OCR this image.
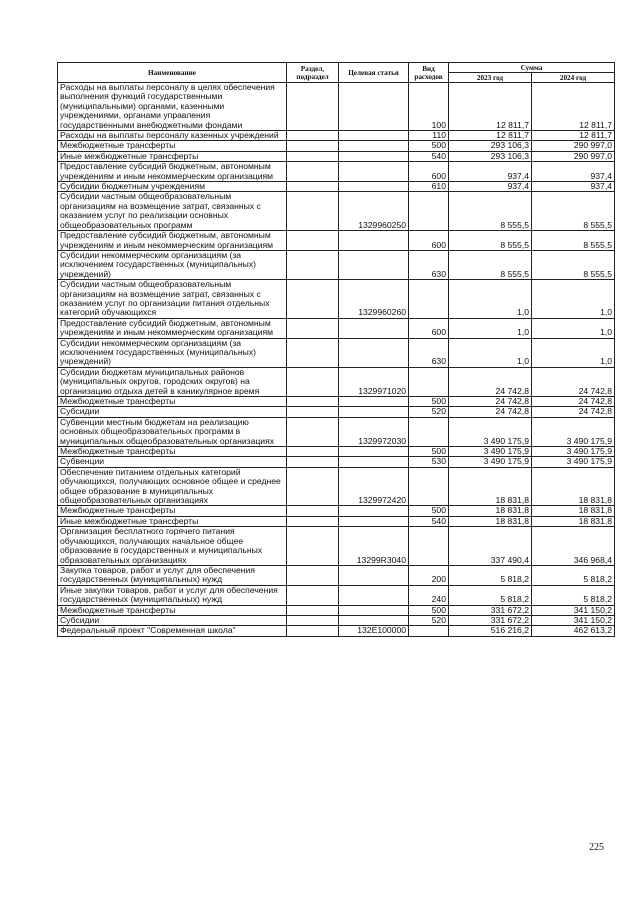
Наименование	Раздел, подраздел	Целевая статья	Вид расходов	Сумма	
				2023 год	2024 год
Расходы на выплаты персоналу в целях обеспечения выполнения функций государственными (муниципальными) органами, казенными учреждениями, органами управления государственными внебюджетными фондами			100	12 811,7	12 811,7
Расходы на выплаты персоналу казенных учреждений			110	12 811,7	12 811,7
Межбюджетные трансферты			500	293 106,3	290 997,0
Иные межбюджетные трансферты			540	293 106,3	290 997,0
Предоставление субсидий бюджетным, автономным учреждениям и иным некоммерческим организациям			600	937,4	937,4
Субсидии бюджетным учреждениям			610	937,4	937,4
Субсидии частным общеобразовательным организациям на возмещение затрат, связанных с оказанием услуг по реализации основных общеобразовательных программ		1329960250		8 555,5	8 555,5
Предоставление субсидий бюджетным, автономным учреждениям и иным некоммерческим организациям			600	8 555,5	8 555,5
Субсидии некоммерческим организациям (за исключением государственных (муниципальных) учреждений)			630	8 555,5	8 555,5
Субсидии частным общеобразовательным организациям на возмещение затрат, связанных с оказанием услуг по организации питания отдельных категорий обучающихся		1329960260		1,0	1,0
Предоставление субсидий бюджетным, автономным учреждениям и иным некоммерческим организациям			600	1,0	1,0
Субсидии некоммерческим организациям (за исключением государственных (муниципальных) учреждений)			630	1,0	1,0
Субсидии бюджетам муниципальных районов (муниципальных округов, городских округов) на организацию отдыха детей в каникулярное время		1329971020		24 742,8	24 742,8
Межбюджетные трансферты			500	24 742,8	24 742,8
Субсидии			520	24 742,8	24 742,8
Субвенции местным бюджетам на реализацию основных общеобразовательных программ в муниципальных общеобразовательных организациях		1329972030		3 490 175,9	3 490 175,9
Межбюджетные трансферты			500	3 490 175,9	3 490 175,9
Субвенции			530	3 490 175,9	3 490 175,9
Обеспечение питанием отдельных категорий обучающихся, получающих основное общее и среднее общее образование в муниципальных общеобразовательных организациях		1329972420		18 831,8	18 831,8
Межбюджетные трансферты			500	18 831,8	18 831,8
Иные межбюджетные трансферты			540	18 831,8	18 831,8
Организация бесплатного горячего питания обучающихся, получающих начальное общее образование в государственных и муниципальных образовательных организациях		13299R3040		337 490,4	346 968,4
Закупка товаров, работ и услуг для обеспечения государственных (муниципальных) нужд			200	5 818,2	5 818,2
Иные закупки товаров, работ и услуг для обеспечения государственных (муниципальных) нужд			240	5 818,2	5 818,2
Межбюджетные трансферты			500	331 672,2	341 150,2
Субсидии			520	331 672,2	341 150,2
Федеральный проект "Современная школа"		132E100000		516 216,2	462 613,2
225
